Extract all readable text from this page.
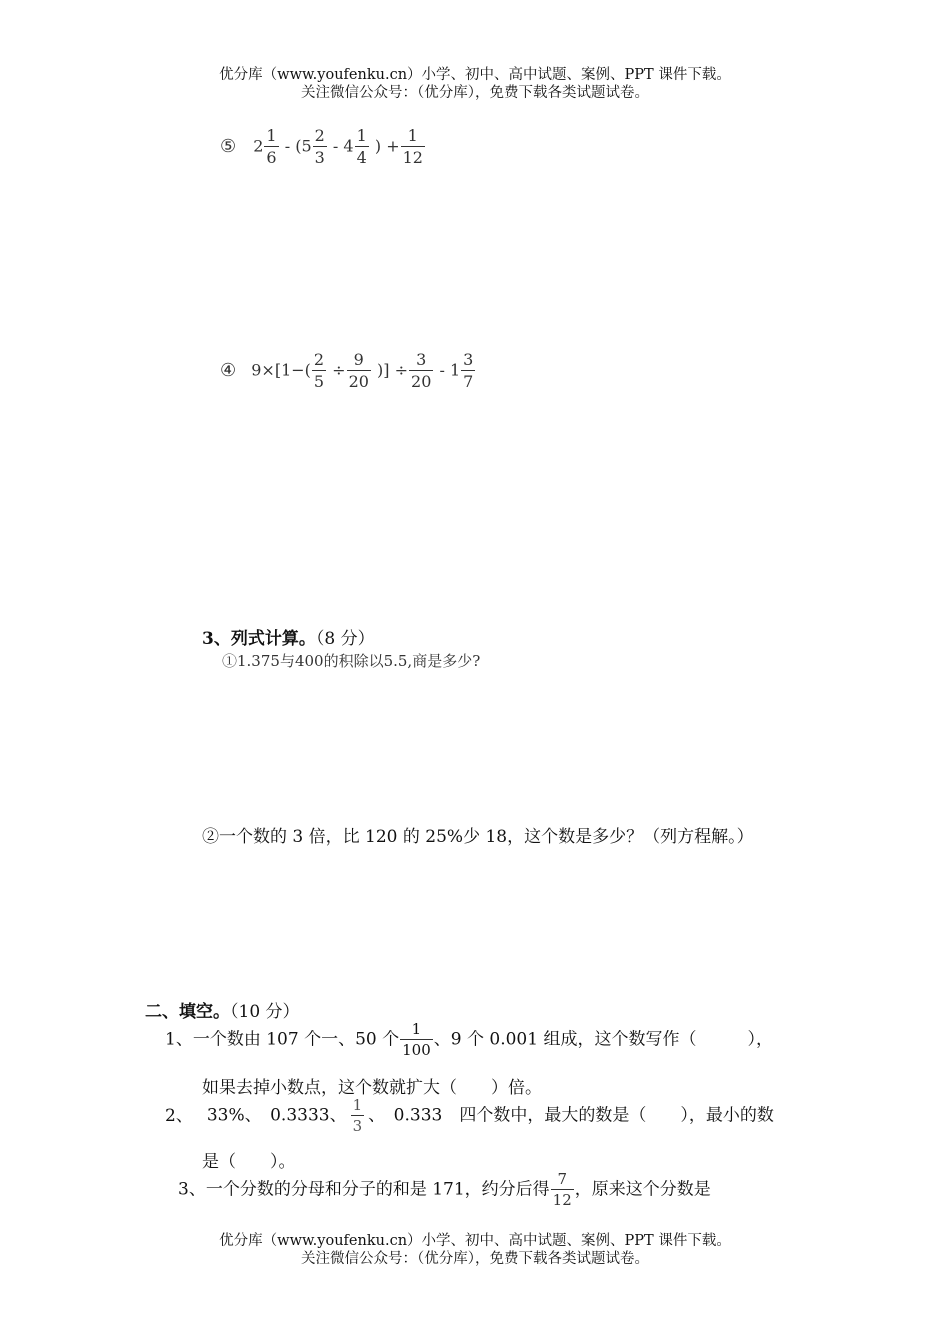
优分库（www.youfenku.cn）小学、初中、高中试题、案例、PPT 课件下载。
关注微信公众号：（优分库），免费下载各类试题试卷。
⑤ $2 \frac{1}{6} - (5 \frac{2}{3} - 4 \frac{1}{4}$ ) + $\frac{1}{12}$
④ $9\times[1-( \frac{2}{5} \div \frac{9}{20}$ )] ÷ $\frac{3}{20} - 1 \frac{3}{7}$
3、列式计算。（8 分）
①1.375与400的积除以5.5,商是多少?
②一个数的 3 倍，比 120 的 25%少 18，这个数是多少？（列方程解。）
二、填空。（10 分）
1、一个数由 107 个一、50 个 $\frac{1}{100}$ 、9 个 0.001 组成，这个数写作（　　　），
如果去掉小数点，这个数就扩大（　　）倍。
2、 33%、　0.3333、 $\frac{1}{3}$ 、　0.333　四个数中，最大的数是（　　），最小的数
是（　　）。
3、一个分数的分母和分子的和是 171，约分后得 $\frac{7}{12}$ ，原来这个分数是
优分库（www.youfenku.cn）小学、初中、高中试题、案例、PPT 课件下载。
关注微信公众号：（优分库），免费下载各类试题试卷。
